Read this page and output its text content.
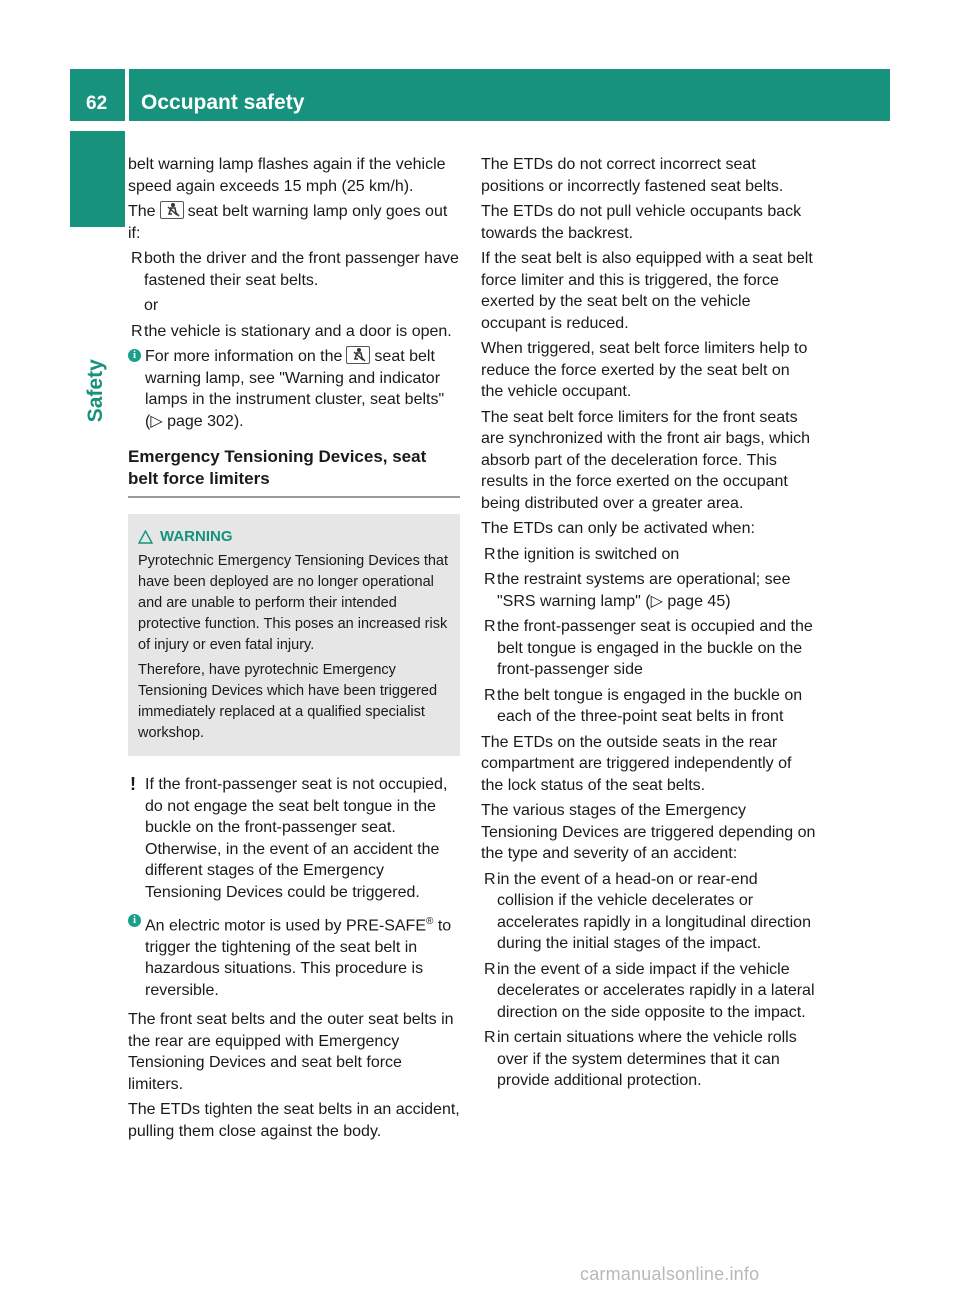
62 Occupant safety
Safety

belt warning lamp flashes again if the vehicle speed again exceeds 15 mph (25 km/h).

The seat belt warning lamp only goes out if:

R both the driver and the front passenger have fastened their seat belts.

or

R the vehicle is stationary and a door is open.
i For more information on the seat belt warning lamp, see "Warning and indicator lamps in the instrument cluster, seat belts" (▷ page 302).
Emergency Tensioning Devices, seat belt force limiters
WARNING

Pyrotechnic Emergency Tensioning Devices that have been deployed are no longer operational and are unable to perform their intended protective function. This poses an increased risk of injury or even fatal injury.

Therefore, have pyrotechnic Emergency Tensioning Devices which have been triggered immediately replaced at a qualified specialist workshop.

! If the front-passenger seat is not occupied, do not engage the seat belt tongue in the buckle on the front-passenger seat. Otherwise, in the event of an accident the different stages of the Emergency Tensioning Devices could be triggered.
i An electric motor is used by PRE-SAFE® to trigger the tightening of the seat belt in hazardous situations. This procedure is reversible.

The front seat belts and the outer seat belts in the rear are equipped with Emergency Tensioning Devices and seat belt force limiters.

The ETDs tighten the seat belts in an accident, pulling them close against the body.

The ETDs do not correct incorrect seat positions or incorrectly fastened seat belts.

The ETDs do not pull vehicle occupants back towards the backrest.

If the seat belt is also equipped with a seat belt force limiter and this is triggered, the force exerted by the seat belt on the vehicle occupant is reduced.

When triggered, seat belt force limiters help to reduce the force exerted by the seat belt on the vehicle occupant.

The seat belt force limiters for the front seats are synchronized with the front air bags, which absorb part of the deceleration force. This results in the force exerted on the occupant being distributed over a greater area.

The ETDs can only be activated when:

R the ignition is switched on
R the restraint systems are operational; see "SRS warning lamp" (▷ page 45)
R the front-passenger seat is occupied and the belt tongue is engaged in the buckle on the front-passenger side
R the belt tongue is engaged in the buckle on each of the three-point seat belts in front

The ETDs on the outside seats in the rear compartment are triggered independently of the lock status of the seat belts.

The various stages of the Emergency Tensioning Devices are triggered depending on the type and severity of an accident:

R in the event of a head-on or rear-end collision if the vehicle decelerates or accelerates rapidly in a longitudinal direction during the initial stages of the impact.
R in the event of a side impact if the vehicle decelerates or accelerates rapidly in a lateral direction on the side opposite to the impact.
R in certain situations where the vehicle rolls over if the system determines that it can provide additional protection.
carmanualsonline.info
